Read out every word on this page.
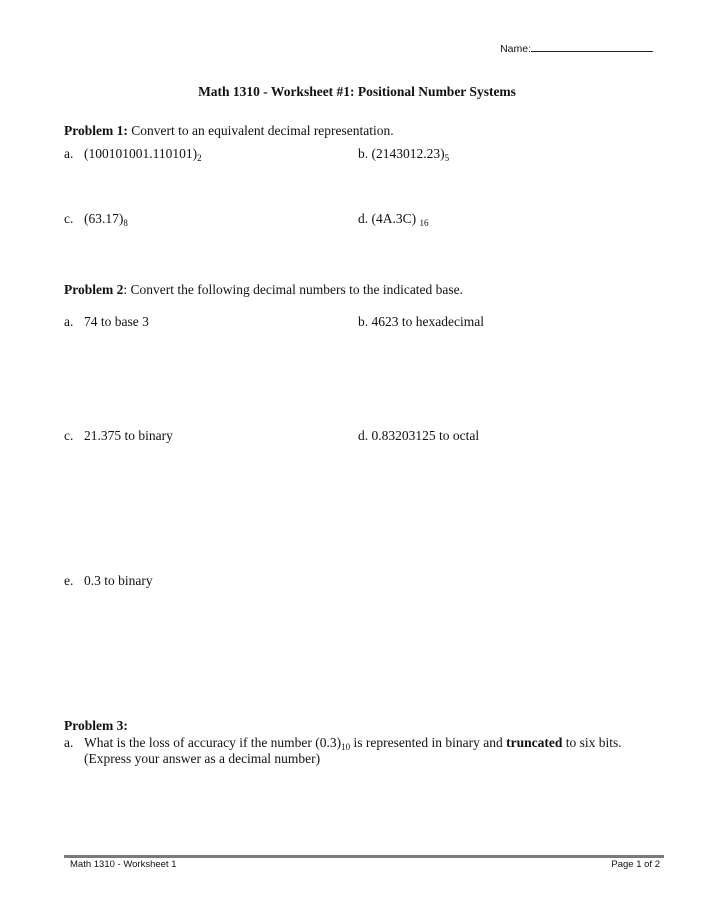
Name:
Math 1310 - Worksheet #1: Positional Number Systems
Problem 1: Convert to an equivalent decimal representation.
a. $(100101001.110101)_2$	b. $(2143012.23)_5$
c. $(63.17)_8$	d. (4A.3C) $_{16}$
Problem 2: Convert the following decimal numbers to the indicated base.
a. 74 to base 3	b. 4623 to hexadecimal
c. 21.375 to binary	d. 0.83203125 to octal
e. 0.3 to binary
Problem 3:
a. What is the loss of accuracy if the number $(0.3)_{10}$ is represented in binary and truncated to six bits.
(Express your answer as a decimal number)
Math 1310 - Worksheet 1	Page 1 of 2
